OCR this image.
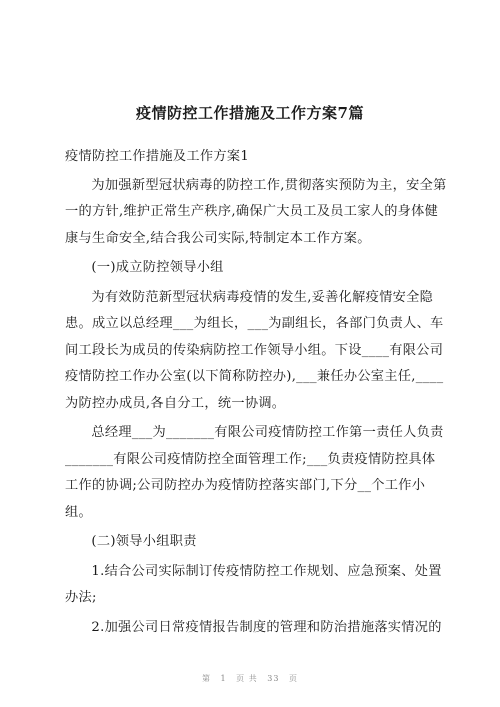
疫情防控工作措施及工作方案7篇

疫情防控工作措施及工作方案1

为加强新型冠状病毒的防控工作,贯彻落实预防为主，安全第一的方针,维护正常生产秩序,确保广大员工及员工家人的身体健康与生命安全,结合我公司实际,特制定本工作方案。

(一)成立防控领导小组

为有效防范新型冠状病毒疫情的发生,妥善化解疫情安全隐患。成立以总经理___为组长，___为副组长，各部门负责人、车间工段长为成员的传染病防控工作领导小组。下设____有限公司疫情防控工作办公室(以下简称防控办),___兼任办公室主任,____为防控办成员,各自分工，统一协调。

总经理___为_______有限公司疫情防控工作第一责任人负责_______有限公司疫情防控全面管理工作;___负责疫情防控具体工作的协调;公司防控办为疫情防控落实部门,下分__个工作小组。

(二)领导小组职责

1.结合公司实际制订传疫情防控工作规划、应急预案、处置办法;

2.加强公司日常疫情报告制度的管理和防治措施落实情况的

第 1 页 共 33 页
